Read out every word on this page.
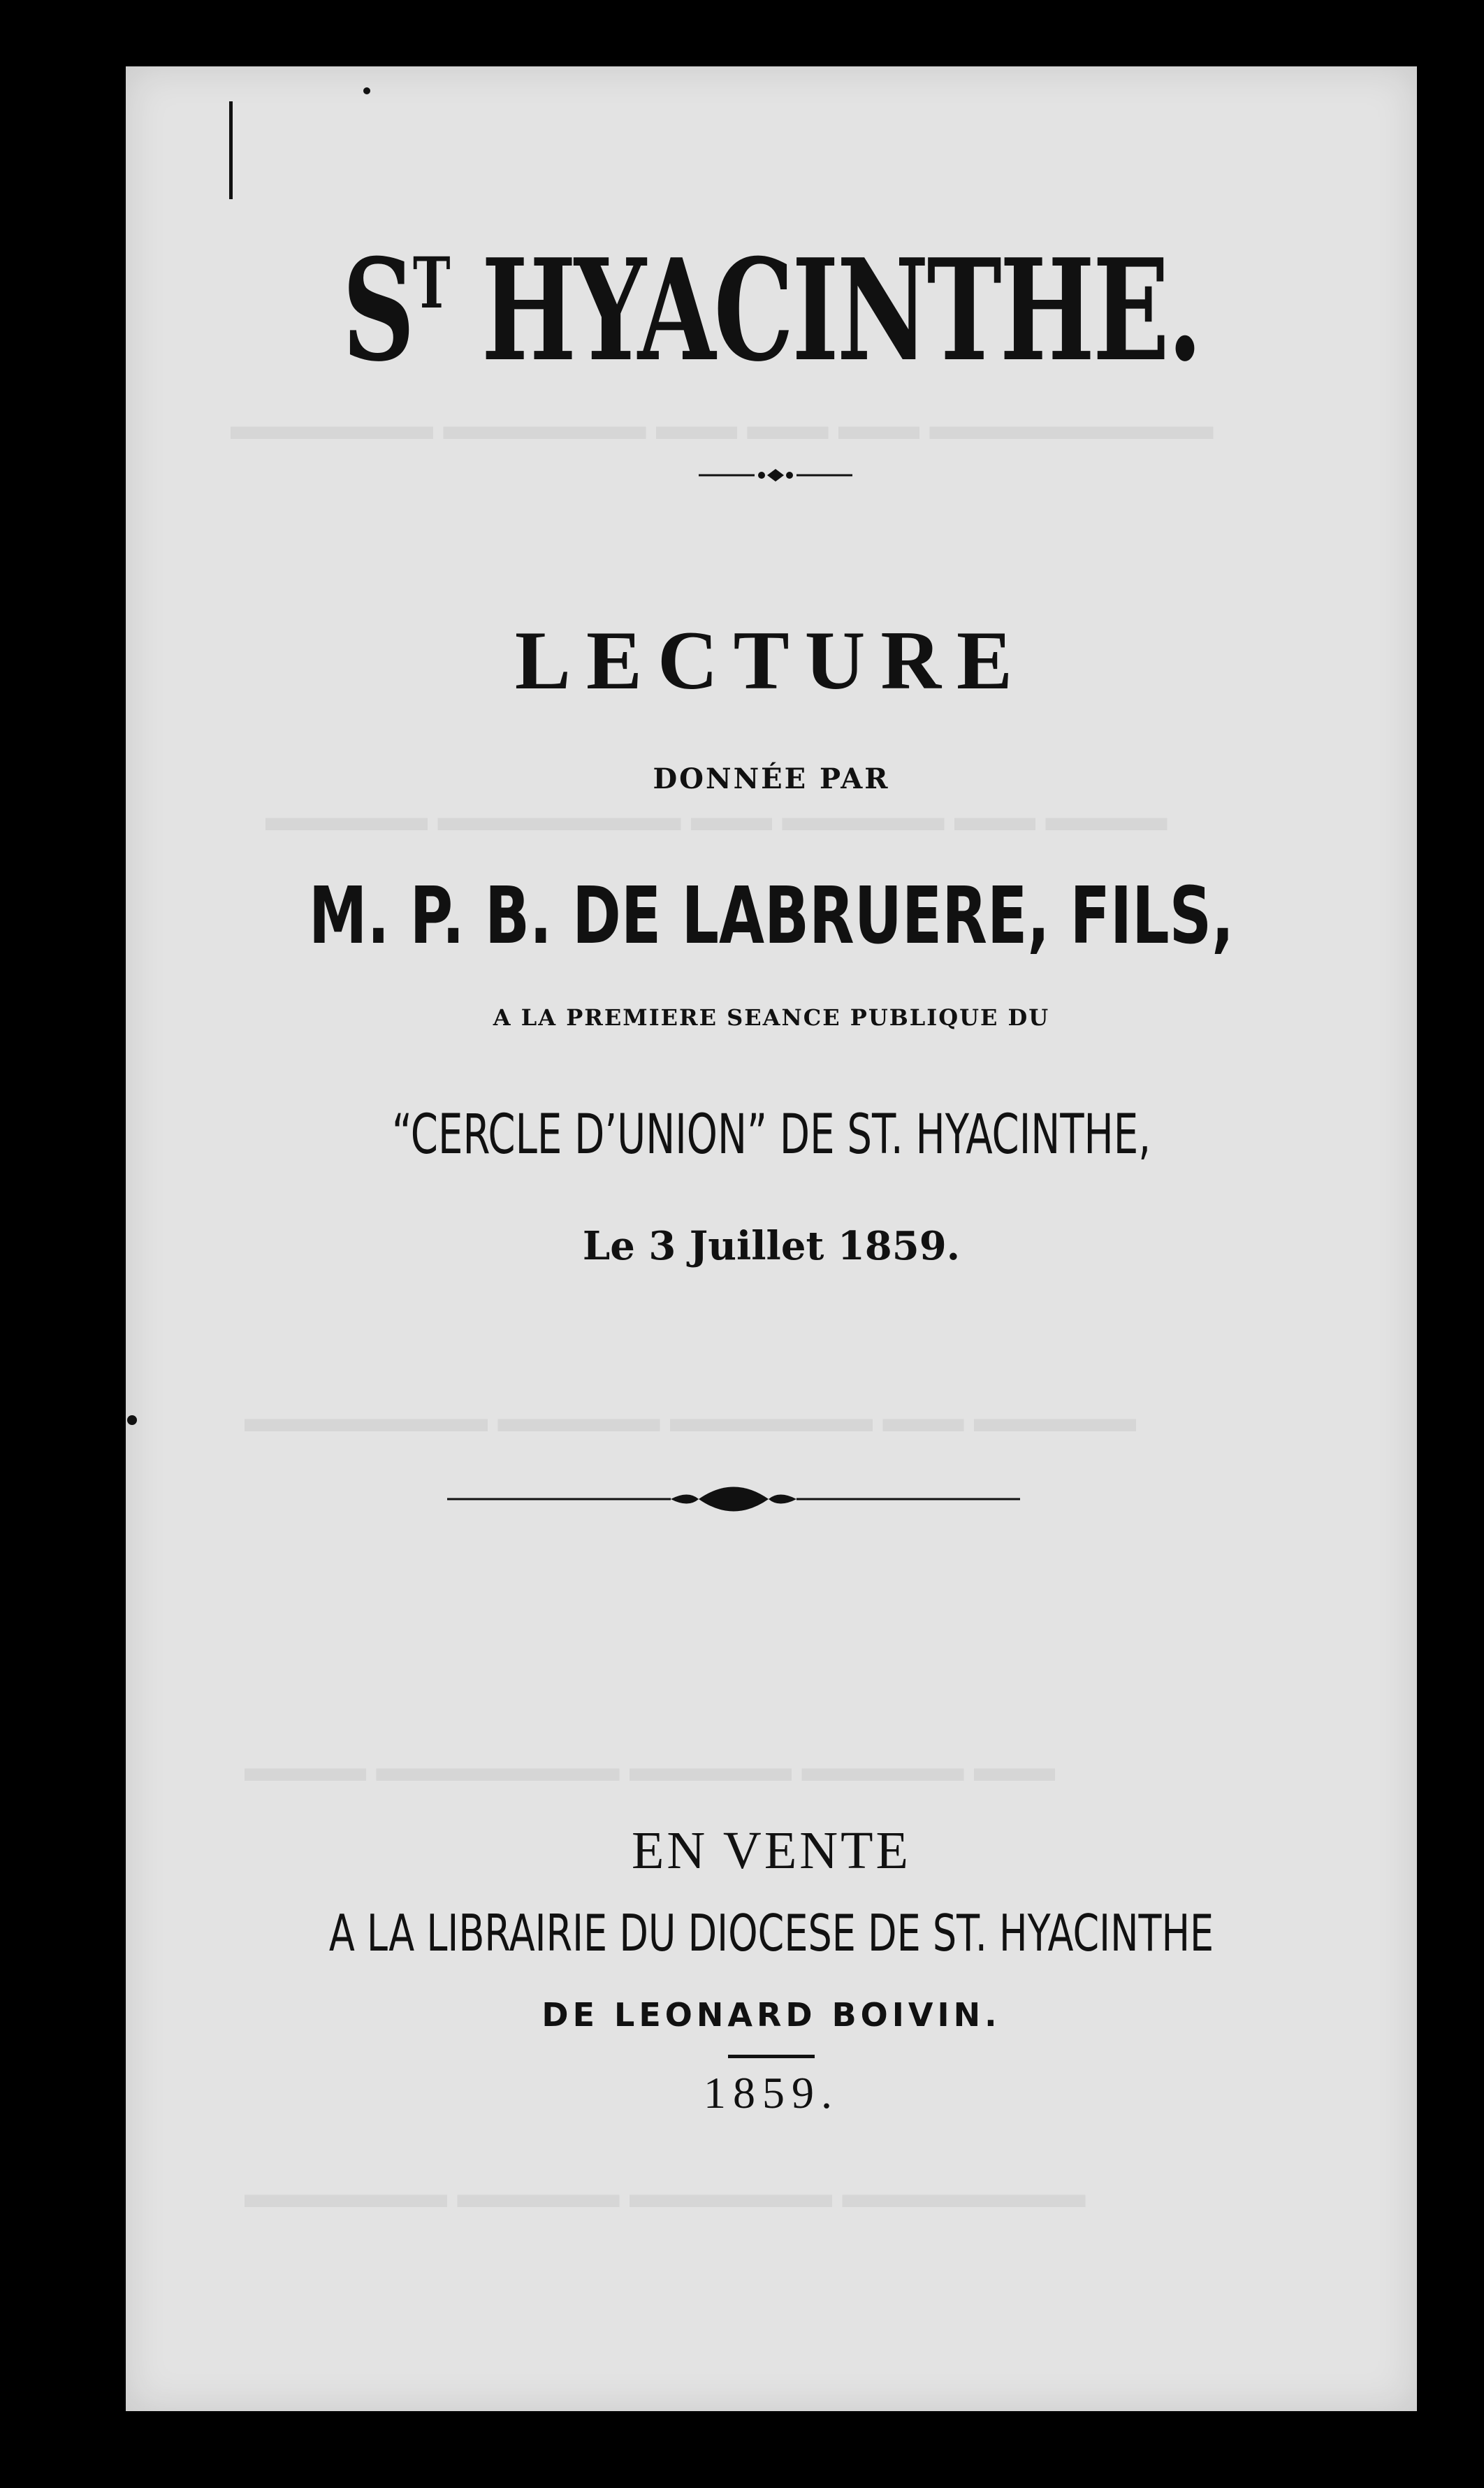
▬▬▬▬▬ ▬▬▬▬▬ ▬▬ ▬▬ ▬▬ ▬▬▬▬▬▬▬
▬▬▬▬ ▬▬▬▬▬▬ ▬▬ ▬▬▬▬ ▬▬ ▬▬▬
▬▬▬▬▬▬ ▬▬▬▬ ▬▬▬▬▬ ▬▬ ▬▬▬▬
▬▬▬ ▬▬▬▬▬▬ ▬▬▬▬ ▬▬▬▬ ▬▬
▬▬▬▬▬ ▬▬▬▬ ▬▬▬▬▬ ▬▬▬▬▬▬
$S^T$ HYACINTHE.
LECTURE
DONNÉE PAR
M. P. B. DE LABRUERE, FILS,
A LA PREMIERE SEANCE PUBLIQUE DU
“CERCLE D’UNION” DE ST. HYACINTHE,
Le 3 Juillet 1859.
EN VENTE
A LA LIBRAIRIE DU DIOCESE DE ST. HYACINTHE
DE LEONARD BOIVIN.
1859.
